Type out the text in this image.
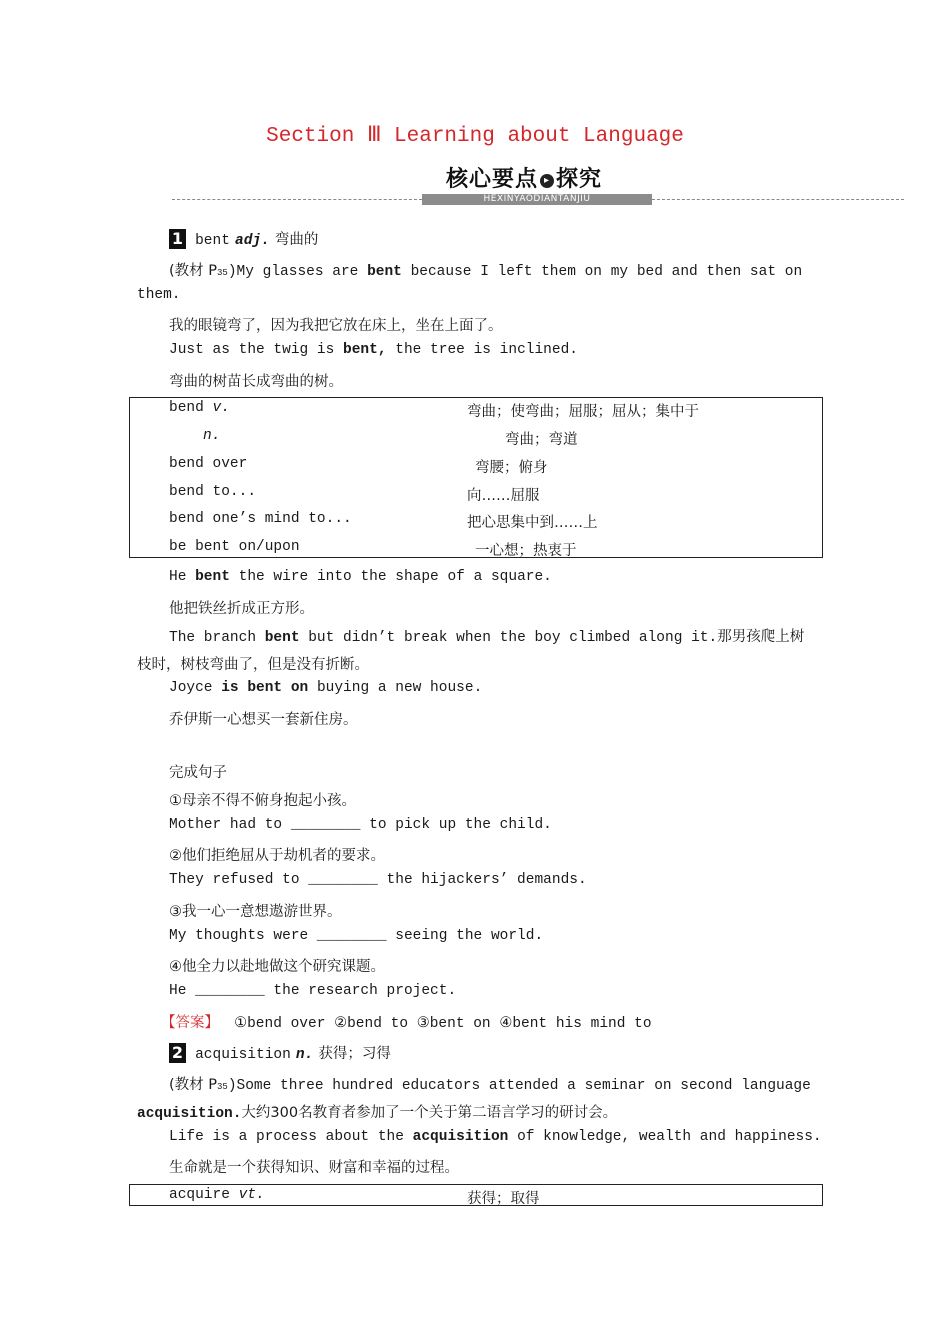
Section Ⅲ Learning about Language
核心要点 ▸ 探究
HEXINYAODIANTANJIU
1 bent adj. 弯曲的
(教材 P35)My glasses are bent because I left them on my bed and then sat on
them.
我的眼镜弯了，因为我把它放在床上，坐在上面了。
Just as the twig is bent, the tree is inclined.
弯曲的树苗长成弯曲的树。
bend v.	弯曲；使弯曲；屈服；屈从；集中于
n.	弯曲；弯道
bend over	弯腰；俯身
bend to...	向……屈服
bend one’s mind to...	把心思集中到……上
be bent on/upon	一心想；热衷于
He bent the wire into the shape of a square.
他把铁丝折成正方形。
The branch bent but didn’t break when the boy climbed along it.那男孩爬上树
枝时，树枝弯曲了，但是没有折断。
Joyce is bent on buying a new house.
乔伊斯一心想买一套新住房。
完成句子
①母亲不得不俯身抱起小孩。
Mother had to ________ to pick up the child.
②他们拒绝屈从于劫机者的要求。
They refused to ________ the hijackers’ demands.
③我一心一意想遨游世界。
My thoughts were ________ seeing the world.
④他全力以赴地做这个研究课题。
He ________ the research project.
【答案】 ①bend over ②bend to ③bent on ④bent his mind to
2 acquisition n. 获得；习得
(教材 P35)Some three hundred educators attended a seminar on second language
acquisition.大约300名教育者参加了一个关于第二语言学习的研讨会。
Life is a process about the acquisition of knowledge, wealth and happiness.
生命就是一个获得知识、财富和幸福的过程。
acquire vt.	获得；取得
